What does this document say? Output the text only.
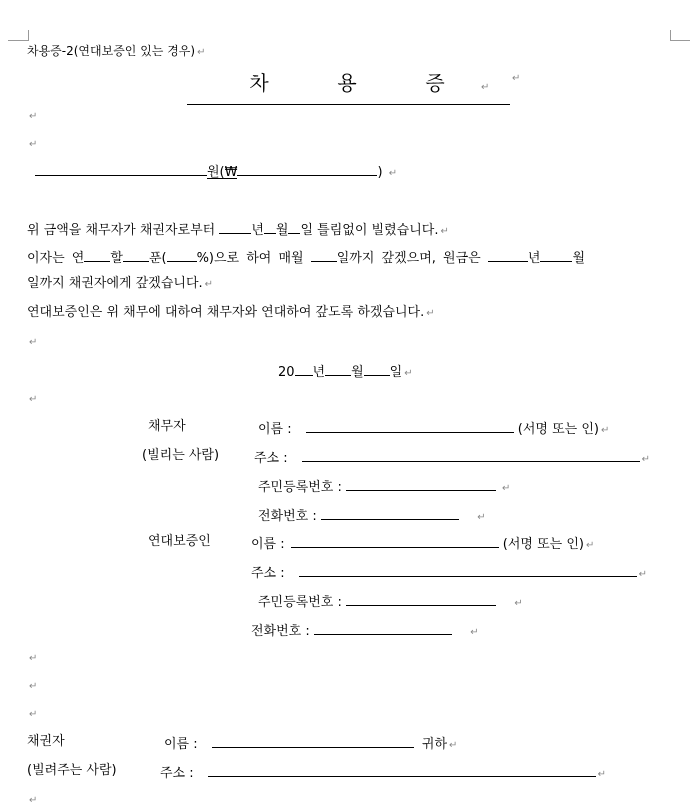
차용증-2(연대보증인 있는 경우) ↵
차	용	증	↵
↵
↵
↵
원(₩	) ↵
위 금액을 채무자가 채권자로부터 년 월 일 틀림없이 빌렸습니다. ↵
이자는 연 할 푼( %)으로 하여 매월 일까지 갚겠으며, 원금은	년 월
일까지 채권자에게 갚겠습니다. ↵
연대보증인은 위 채무에 대하여 채무자와 연대하여 갚도록 하겠습니다. ↵
↵
20 년 월 일 ↵
↵
채무자	이름 :	(서명 또는 인) ↵
(빌리는 사람)	주소 :	↵
주민등록번호 :	↵
전화번호 :	↵
연대보증인	이름 :	(서명 또는 인) ↵
주소 :	↵
주민등록번호 :	↵
전화번호 :	↵
↵
↵
↵
채권자	이름 :	귀하 ↵
(빌려주는 사람)	주소 :	↵
↵
